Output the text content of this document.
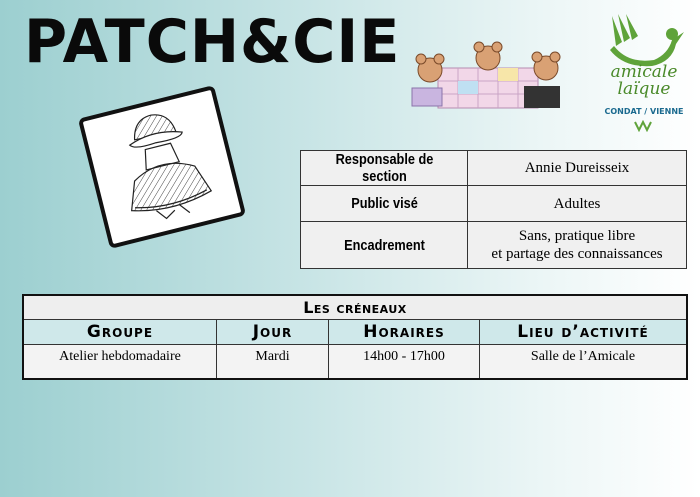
PATCH&CIE	amicale
laïque
CONDAT / VIENNE
Responsable de section	Annie Dureisseix
Public visé	Adultes
Encadrement	Sans, pratique libre
et partage des connaissances
Les créneaux			
Groupe	Jour	Horaires	Lieu d’activité
Atelier hebdomadaire	Mardi	14h00 - 17h00	Salle de l’Amicale
